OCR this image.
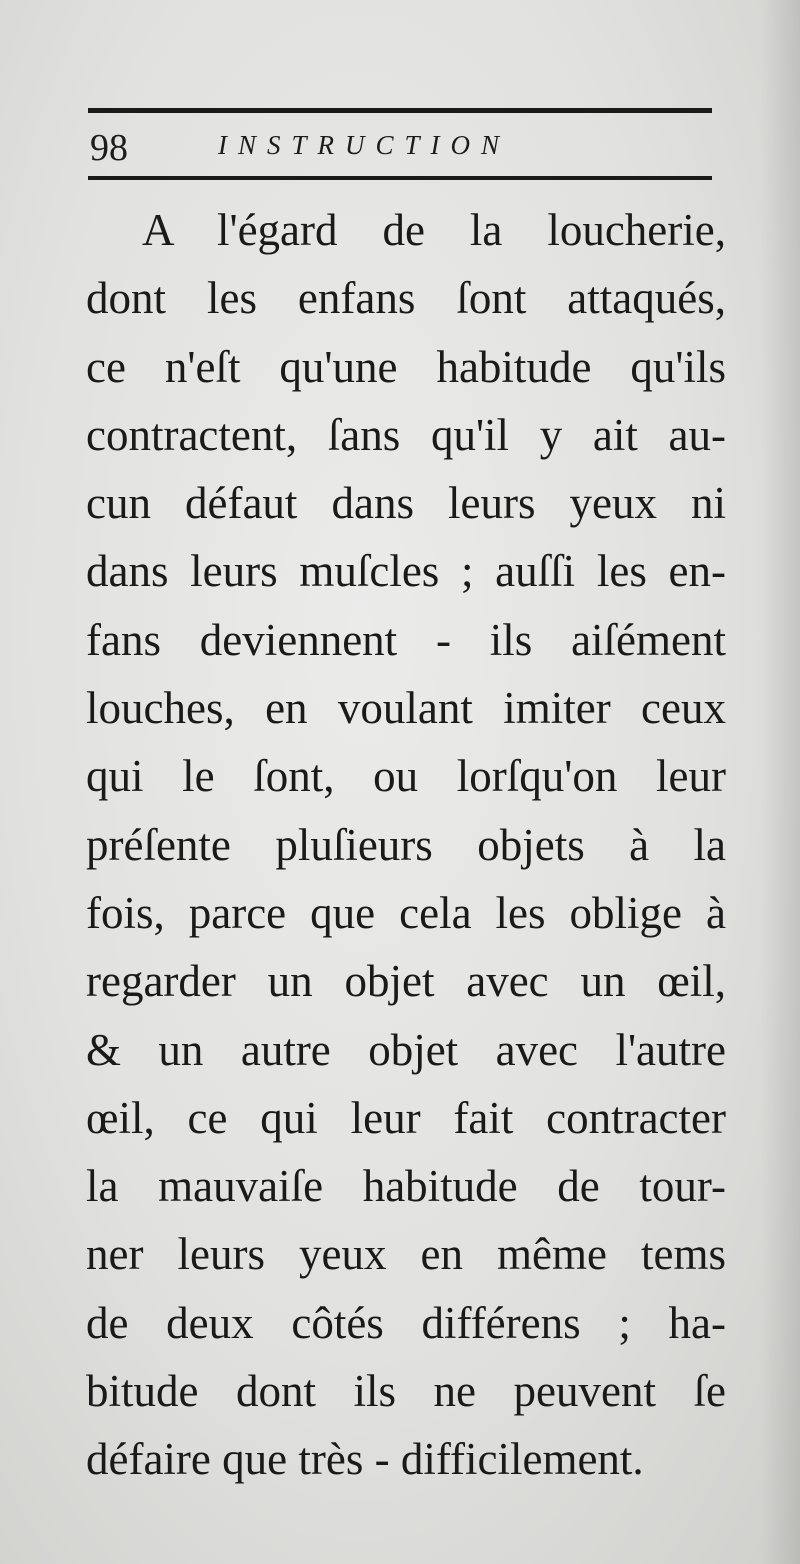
98	INSTRUCTION
A l'égard de la loucherie,
dont les enfans ſont attaqués,
ce n'eſt qu'une habitude qu'ils
contractent, ſans qu'il y ait au-
cun défaut dans leurs yeux ni
dans leurs muſcles ; auſſi les en-
fans deviennent - ils aiſément
louches, en voulant imiter ceux
qui le ſont, ou lorſqu'on leur
préſente pluſieurs objets à la
fois, parce que cela les oblige à
regarder un objet avec un œil,
& un autre objet avec l'autre
œil, ce qui leur fait contracter
la mauvaiſe habitude de tour-
ner leurs yeux en même tems
de deux côtés différens ; ha-
bitude dont ils ne peuvent ſe
défaire que très - difficilement.
